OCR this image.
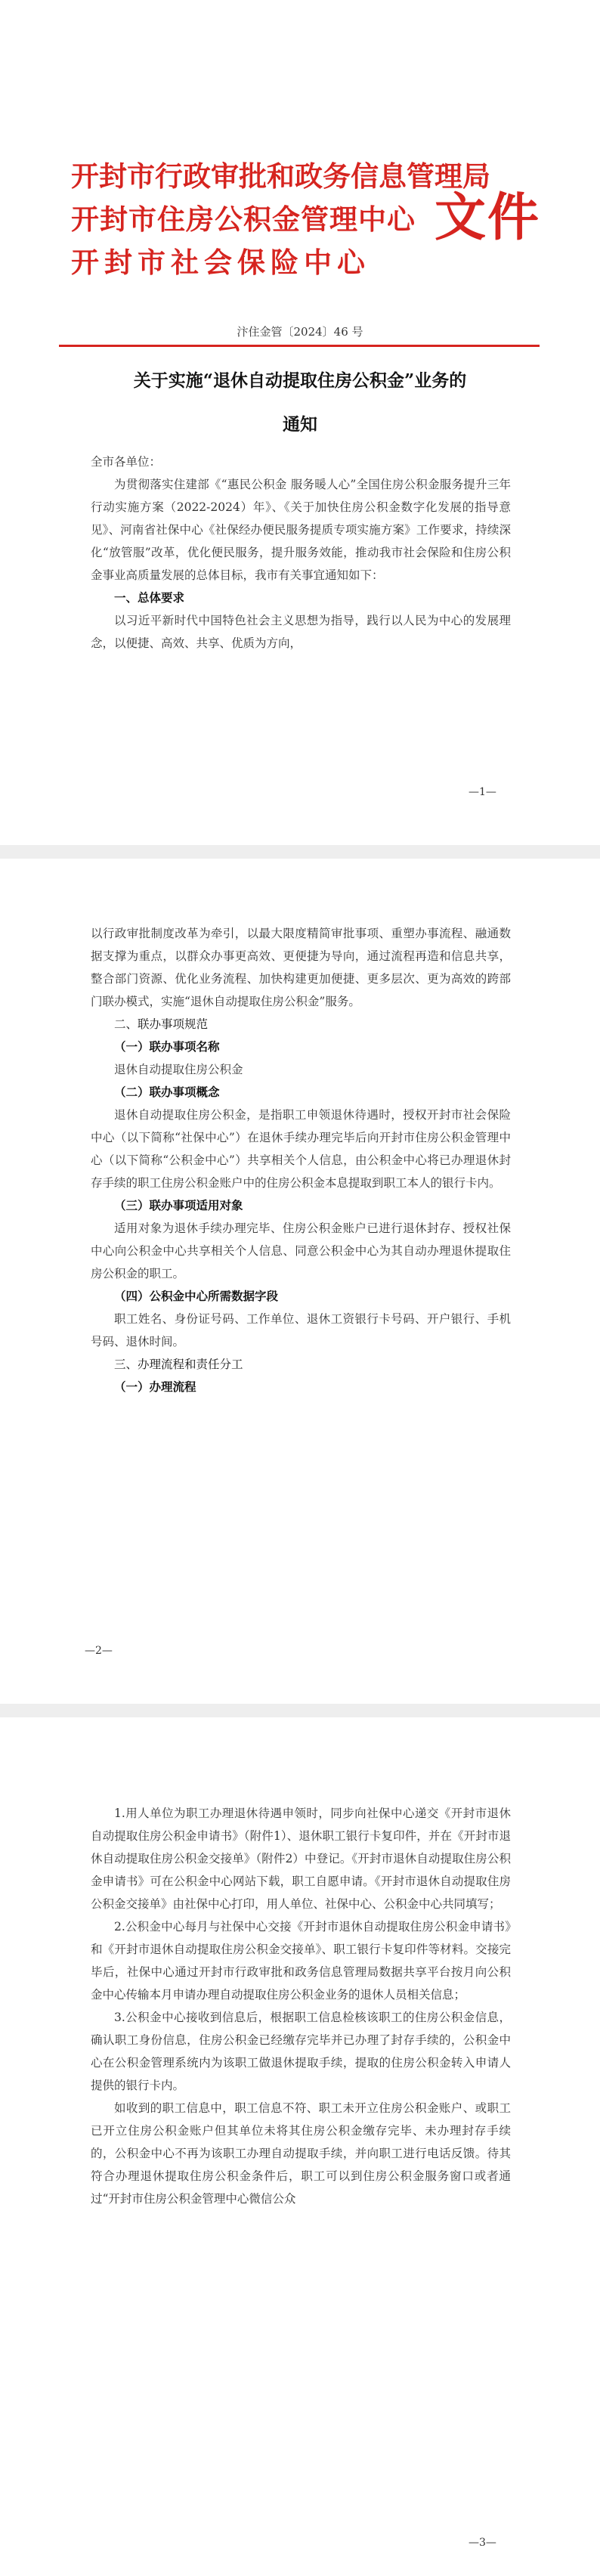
开封市行政审批和政务信息管理局
开封市住房公积金管理中心
开封市社会保险中心
文件
汴住金管〔2024〕46 号
关于实施“退休自动提取住房公积金”业务的
通知

全市各单位：

为贯彻落实住建部《“惠民公积金 服务暖人心”全国住房公积金服务提升三年行动实施方案（2022-2024）年》、《关于加快住房公积金数字化发展的指导意见》、河南省社保中心《社保经办便民服务提质专项实施方案》工作要求，持续深化“放管服”改革，优化便民服务，提升服务效能，推动我市社会保险和住房公积金事业高质量发展的总体目标，我市有关事宜通知如下：

一、总体要求

以习近平新时代中国特色社会主义思想为指导，践行以人民为中心的发展理念，以便捷、高效、共享、优质为方向，

—1—

以行政审批制度改革为牵引，以最大限度精简审批事项、重塑办事流程、融通数据支撑为重点，以群众办事更高效、更便捷为导向，通过流程再造和信息共享，整合部门资源、优化业务流程、加快构建更加便捷、更多层次、更为高效的跨部门联办模式，实施“退休自动提取住房公积金”服务。

二、联办事项规范

（一）联办事项名称

退休自动提取住房公积金

（二）联办事项概念

退休自动提取住房公积金，是指职工申领退休待遇时，授权开封市社会保险中心（以下简称“社保中心”）在退休手续办理完毕后向开封市住房公积金管理中心（以下简称“公积金中心”）共享相关个人信息，由公积金中心将已办理退休封存手续的职工住房公积金账户中的住房公积金本息提取到职工本人的银行卡内。

（三）联办事项适用对象

适用对象为退休手续办理完毕、住房公积金账户已进行退休封存、授权社保中心向公积金中心共享相关个人信息、同意公积金中心为其自动办理退休提取住房公积金的职工。

（四）公积金中心所需数据字段

职工姓名、身份证号码、工作单位、退休工资银行卡号码、开户银行、手机号码、退休时间。

三、办理流程和责任分工

（一）办理流程

—2—

1.用人单位为职工办理退休待遇申领时，同步向社保中心递交《开封市退休自动提取住房公积金申请书》（附件1）、退休职工银行卡复印件，并在《开封市退休自动提取住房公积金交接单》（附件2）中登记。《开封市退休自动提取住房公积金申请书》可在公积金中心网站下载，职工自愿申请。《开封市退休自动提取住房公积金交接单》由社保中心打印，用人单位、社保中心、公积金中心共同填写；

2.公积金中心每月与社保中心交接《开封市退休自动提取住房公积金申请书》和《开封市退休自动提取住房公积金交接单》、职工银行卡复印件等材料。交接完毕后，社保中心通过开封市行政审批和政务信息管理局数据共享平台按月向公积金中心传输本月申请办理自动提取住房公积金业务的退休人员相关信息；

3.公积金中心接收到信息后，根据职工信息检核该职工的住房公积金信息，确认职工身份信息，住房公积金已经缴存完毕并已办理了封存手续的，公积金中心在公积金管理系统内为该职工做退休提取手续，提取的住房公积金转入申请人提供的银行卡内。

如收到的职工信息中，职工信息不符、职工未开立住房公积金账户、或职工已开立住房公积金账户但其单位未将其住房公积金缴存完毕、未办理封存手续的，公积金中心不再为该职工办理自动提取手续，并向职工进行电话反馈。待其符合办理退休提取住房公积金条件后，职工可以到住房公积金服务窗口或者通过“开封市住房公积金管理中心微信公众

—3—
